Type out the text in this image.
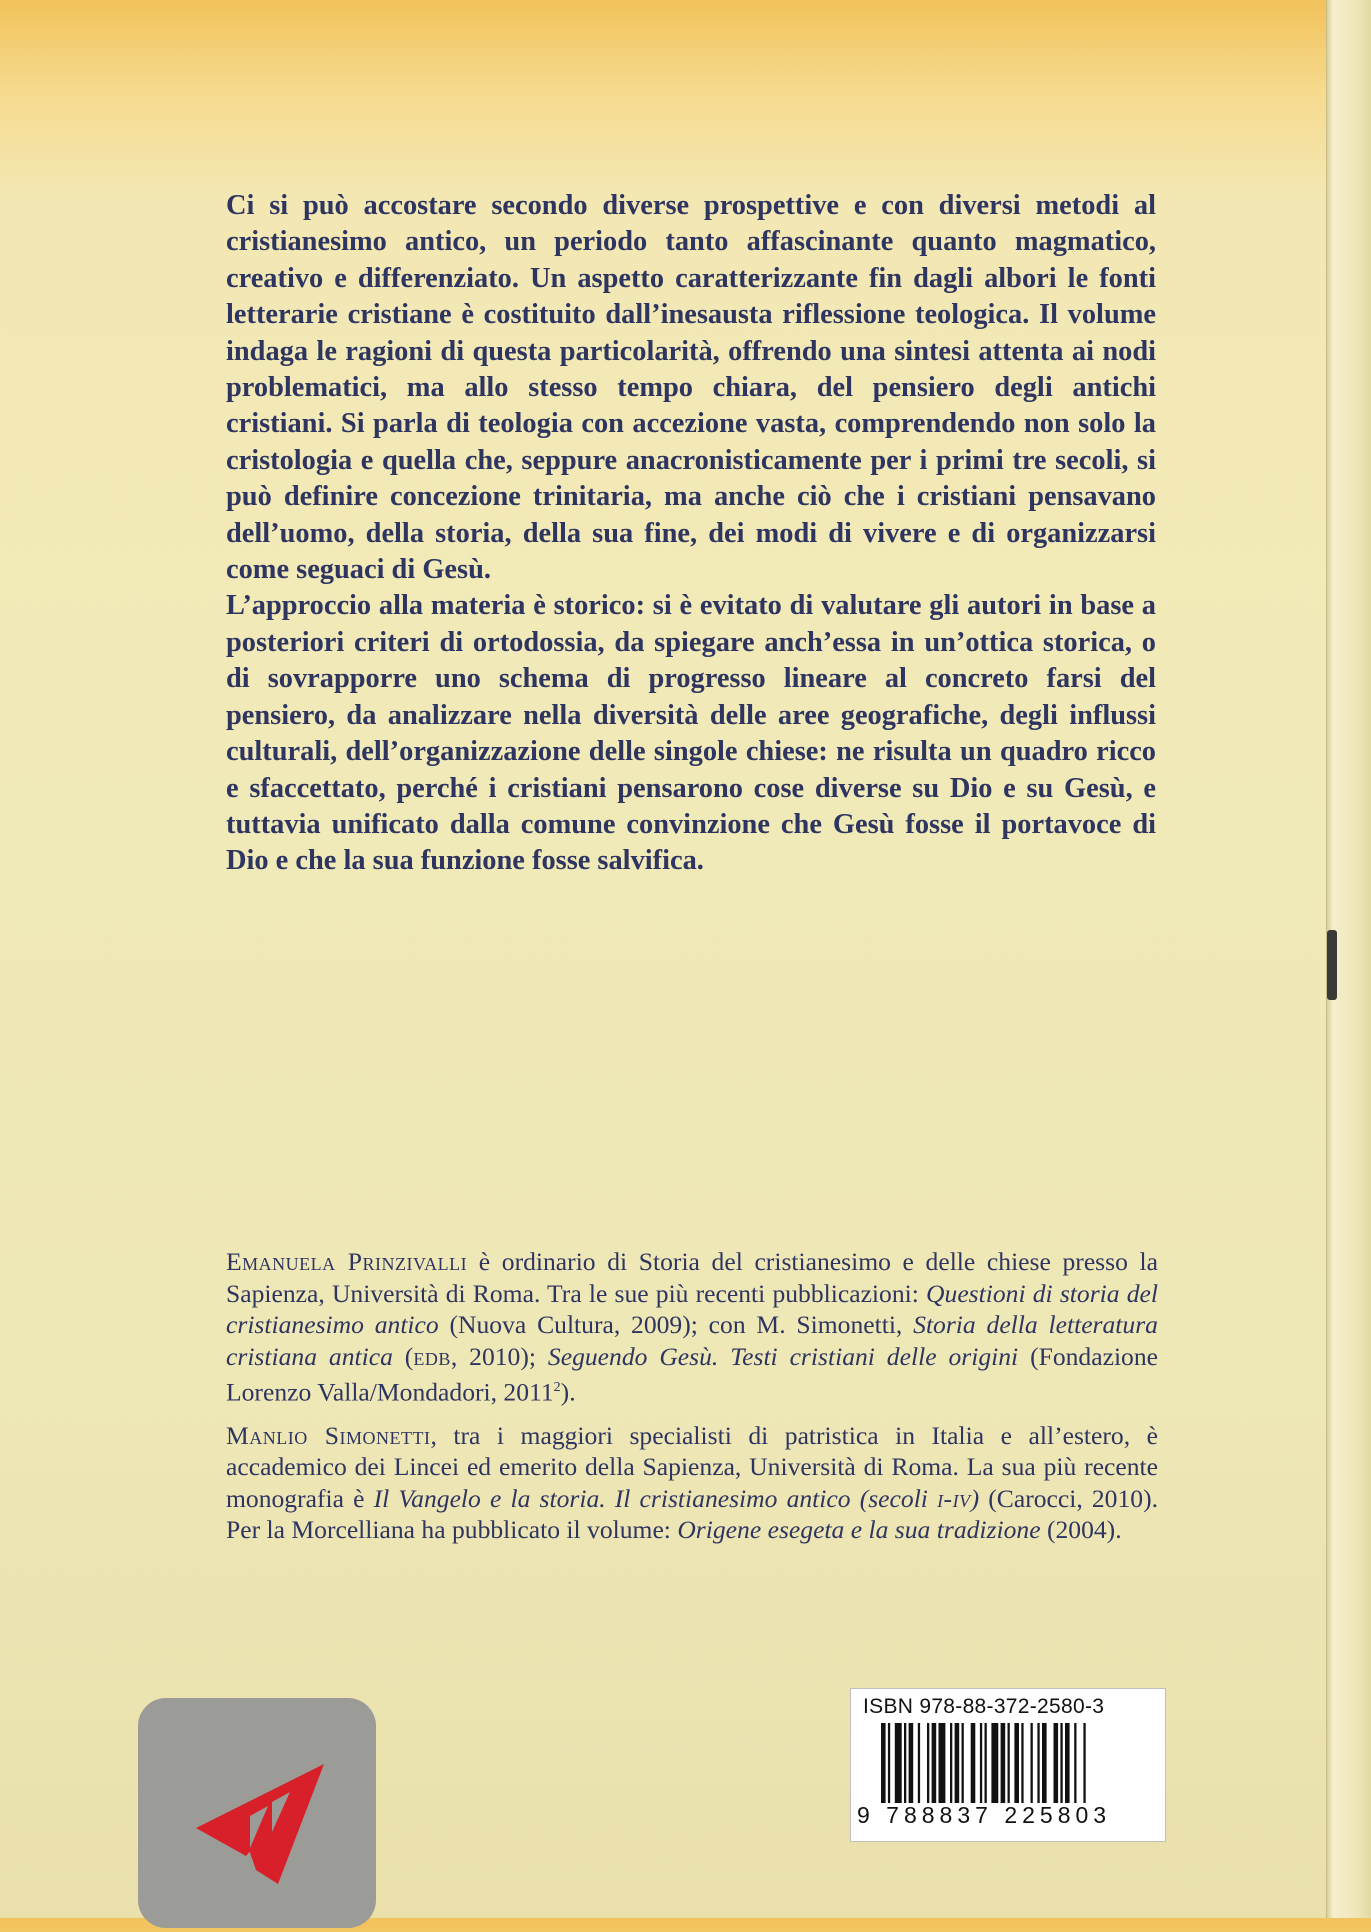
Ci si può accostare secondo diverse prospettive e con diversi metodi al cristianesimo antico, un periodo tanto affascinante quanto magmatico, creativo e differenziato. Un aspetto caratterizzante fin dagli albori le fonti letterarie cristiane è costituito dall’inesausta riflessione teologica. Il volume indaga le ragioni di questa particolarità, offrendo una sintesi attenta ai nodi problematici, ma allo stesso tempo chiara, del pensiero degli antichi cristiani. Si parla di teologia con accezione vasta, comprendendo non solo la cristologia e quella che, seppure anacronisticamente per i primi tre secoli, si può definire concezione trinitaria, ma anche ciò che i cristiani pensavano dell’uomo, della storia, della sua fine, dei modi di vivere e di organizzarsi come seguaci di Gesù.

L’approccio alla materia è storico: si è evitato di valutare gli autori in base a posteriori criteri di ortodossia, da spiegare anch’essa in un’ottica storica, o di sovrapporre uno schema di progresso lineare al concreto farsi del pensiero, da analizzare nella diversità delle aree geografiche, degli influssi culturali, dell’organizzazione delle singole chiese: ne risulta un quadro ricco e sfaccettato, perché i cristiani pensarono cose diverse su Dio e su Gesù, e tuttavia unificato dalla comune convinzione che Gesù fosse il portavoce di Dio e che la sua funzione fosse salvifica.

Emanuela Prinzivalli è ordinario di Storia del cristianesimo e delle chiese presso la Sapienza, Università di Roma. Tra le sue più recenti pubblicazioni: Questioni di storia del cristianesimo antico (Nuova Cultura, 2009); con M. Simonetti, Storia della letteratura cristiana antica (edb, 2010); Seguendo Gesù. Testi cristiani delle origini (Fondazione Lorenzo Valla/Mondadori, 2011$^2$).

Manlio Simonetti, tra i maggiori specialisti di patristica in Italia e all’estero, è accademico dei Lincei ed emerito della Sapienza, Università di Roma. La sua più recente monografia è Il Vangelo e la storia. Il cristianesimo antico (secoli i-iv) (Carocci, 2010). Per la Morcelliana ha pubblicato il volume: Origene esegeta e la sua tradizione (2004).

ISBN 978-88-372-2580-3
9 788837 225803
